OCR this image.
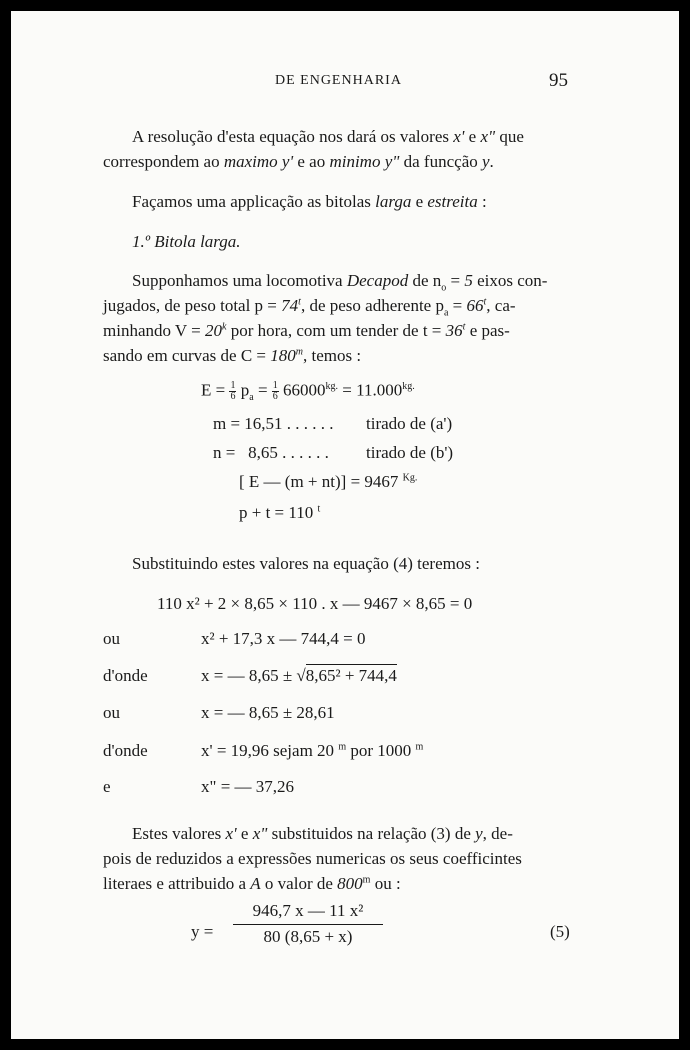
DE ENGENHARIA	95
A resolução d'esta equação nos dará os valores x' e x" que
correspondem ao maximo y' e ao minimo y" da funcção y.
Façamos uma applicação as bitolas larga e estreita :
1.º Bitola larga.
Supponhamos uma locomotiva Decapod de $n_o = 5$ eixos con-
jugados, de peso total $p = 74^t$, de peso adherente $p_a = 66^t$, ca-
minhando $V = 20^k$ por hora, com um tender de $t = 36^t$ e pas-
sando em curvas de $C = 180^m$, temos :
$E = \frac{1}{6} p_a = \frac{1}{6} 66000^{kg.} = 11.000^{kg.}$
m = 16,51 . . . . . . tirado de (a')
n =   8,65 . . . . . . tirado de (b')
[ E — (m + nt)] = 9467 $^{Kg.}$
p + t = 110 $^t$
Substituindo estes valores na equação (4) teremos :
110 x² + 2 × 8,65 × 110 . x — 9467 × 8,65 = 0
ou	x² + 17,3 x — 744,4 = 0
d'onde	x = — 8,65 ± √8,65² + 744,4
ou	x = — 8,65 ± 28,61
d'onde	x' = 19,96 sejam 20 $^m$ por 1000 $^m$
e	x" = — 37,26
Estes valores x' e x" substituidos na relação (3) de y, de-
pois de reduzidos a expressões numericas os seus coefficintes
literaes e attribuido a A o valor de 800$^m$ ou :
$y = \frac{\text{946,7 x — 11 x²}}{80 (8,65 + x)}$	(5)
